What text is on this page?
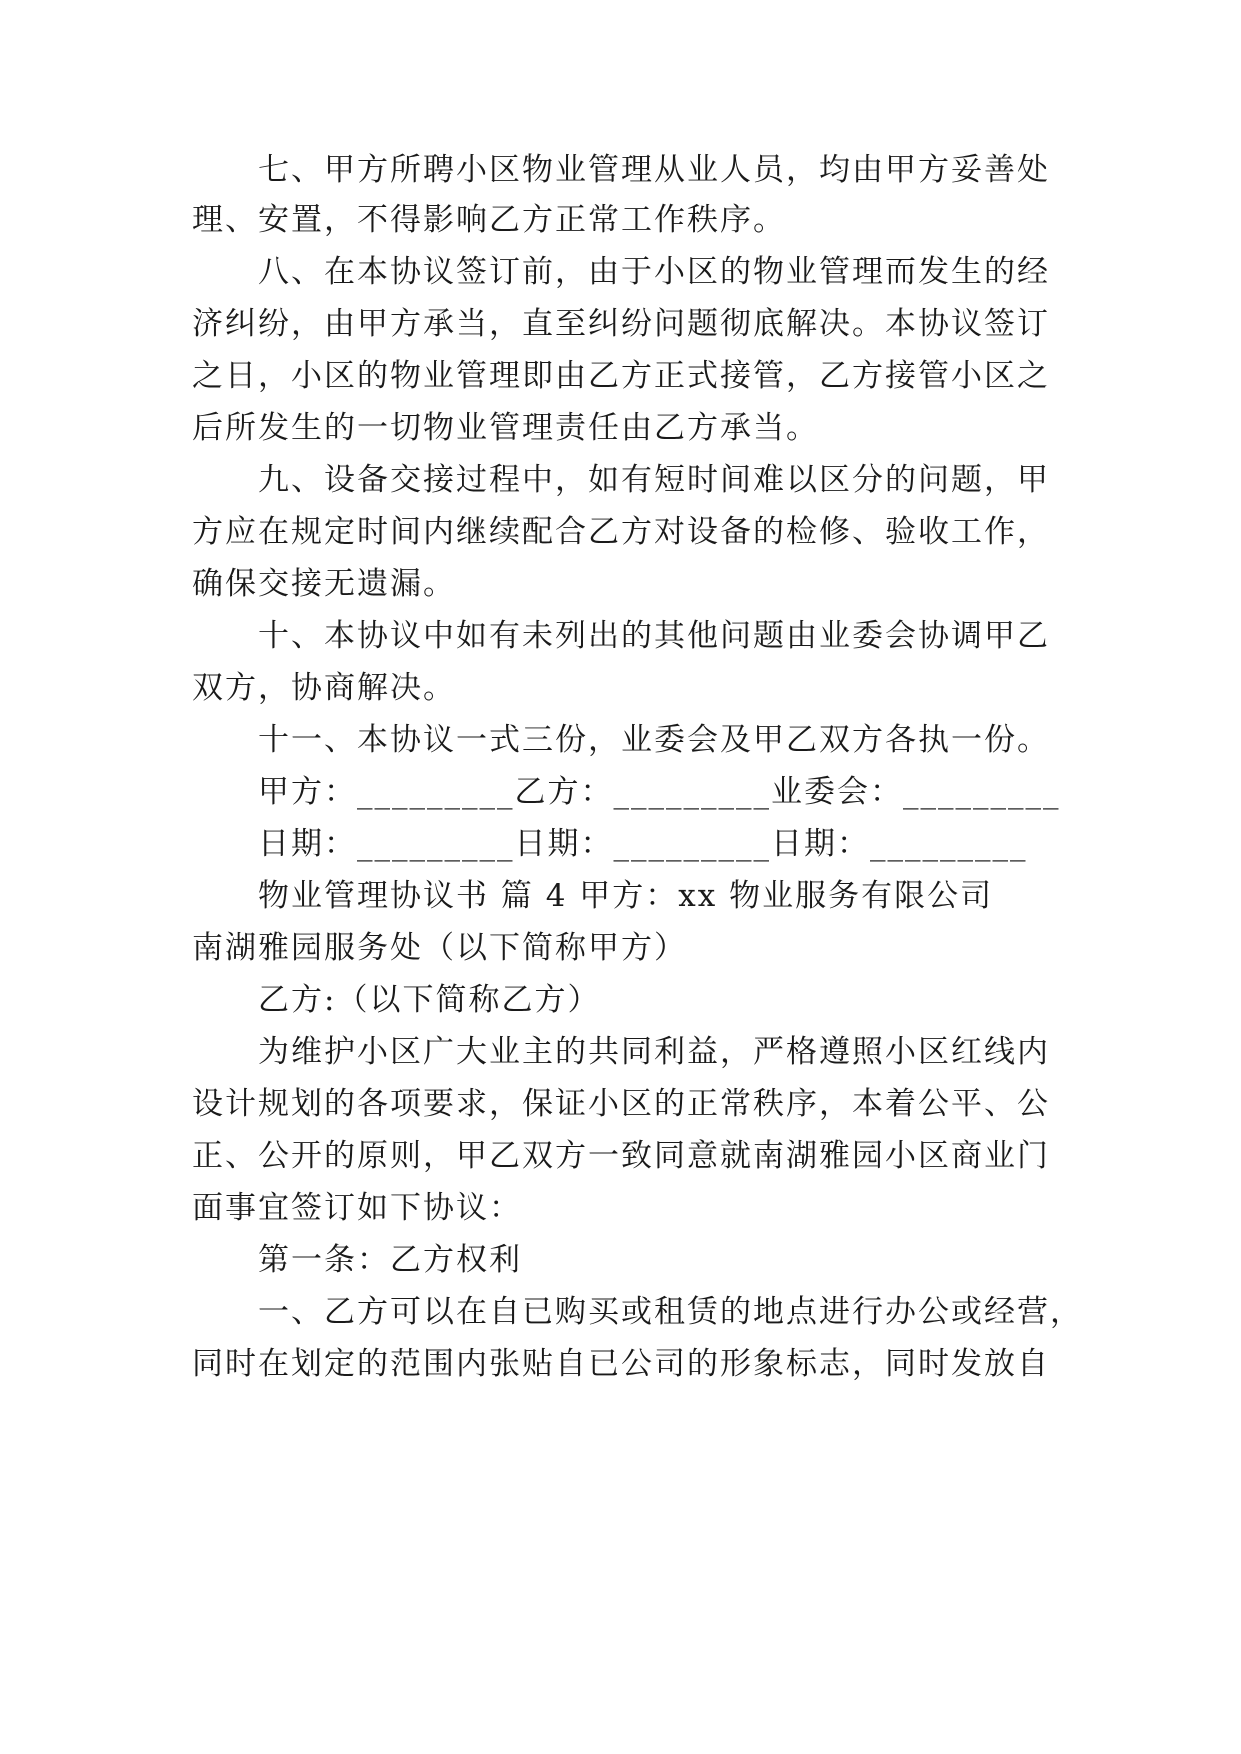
七、甲方所聘小区物业管理从业人员，均由甲方妥善处
理、安置，不得影响乙方正常工作秩序。
八、在本协议签订前，由于小区的物业管理而发生的经
济纠纷，由甲方承当，直至纠纷问题彻底解决。本协议签订
之日，小区的物业管理即由乙方正式接管，乙方接管小区之
后所发生的一切物业管理责任由乙方承当。
九、设备交接过程中，如有短时间难以区分的问题，甲
方应在规定时间内继续配合乙方对设备的检修、验收工作，
确保交接无遗漏。
十、本协议中如有未列出的其他问题由业委会协调甲乙
双方，协商解决。
十一、本协议一式三份，业委会及甲乙双方各执一份。
甲方：_________乙方：_________业委会：_________
日期：_________日期：_________日期：_________
物业管理协议书 篇 4 甲方：xx 物业服务有限公司
南湖雅园服务处（以下简称甲方）
乙方:（以下简称乙方）
为维护小区广大业主的共同利益，严格遵照小区红线内
设计规划的各项要求，保证小区的正常秩序，本着公平、公
正、公开的原则，甲乙双方一致同意就南湖雅园小区商业门
面事宜签订如下协议：
第一条：乙方权利
一、乙方可以在自已购买或租赁的地点进行办公或经营，
同时在划定的范围内张贴自已公司的形象标志，同时发放自
